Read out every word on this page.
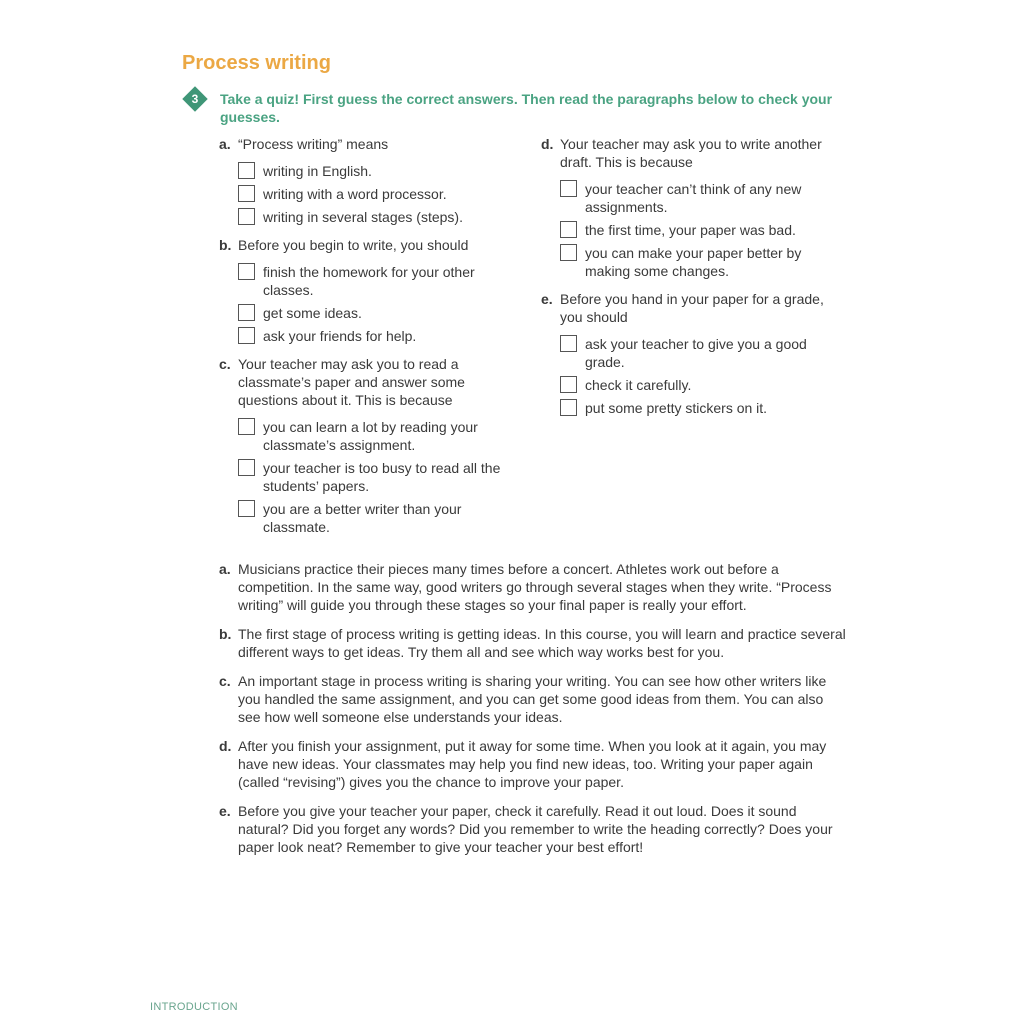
Process writing
3	Take a quiz! First guess the correct answers. Then read the paragraphs below to check your guesses.
a. “Process writing” means
writing in English.
writing with a word processor.
writing in several stages (steps).
b. Before you begin to write, you should
finish the homework for your other classes.
get some ideas.
ask your friends for help.
c. Your teacher may ask you to read a classmate’s paper and answer some questions about it. This is because
you can learn a lot by reading your classmate’s assignment.
your teacher is too busy to read all the students’ papers.
you are a better writer than your classmate.
d. Your teacher may ask you to write another draft. This is because
your teacher can’t think of any new assignments.
the first time, your paper was bad.
you can make your paper better by making some changes.
e. Before you hand in your paper for a grade, you should
ask your teacher to give you a good grade.
check it carefully.
put some pretty stickers on it.
a. Musicians practice their pieces many times before a concert. Athletes work out before a competition. In the same way, good writers go through several stages when they write. “Process writing” will guide you through these stages so your final paper is really your effort.
b. The first stage of process writing is getting ideas. In this course, you will learn and practice several different ways to get ideas. Try them all and see which way works best for you.
c. An important stage in process writing is sharing your writing. You can see how other writers like you handled the same assignment, and you can get some good ideas from them. You can also see how well someone else understands your ideas.
d. After you finish your assignment, put it away for some time. When you look at it again, you may have new ideas. Your classmates may help you find new ideas, too. Writing your paper again (called “revising”) gives you the chance to improve your paper.
e. Before you give your teacher your paper, check it carefully. Read it out loud. Does it sound natural? Did you forget any words? Did you remember to write the heading correctly? Does your paper look neat? Remember to give your teacher your best effort!
INTRODUCTION
